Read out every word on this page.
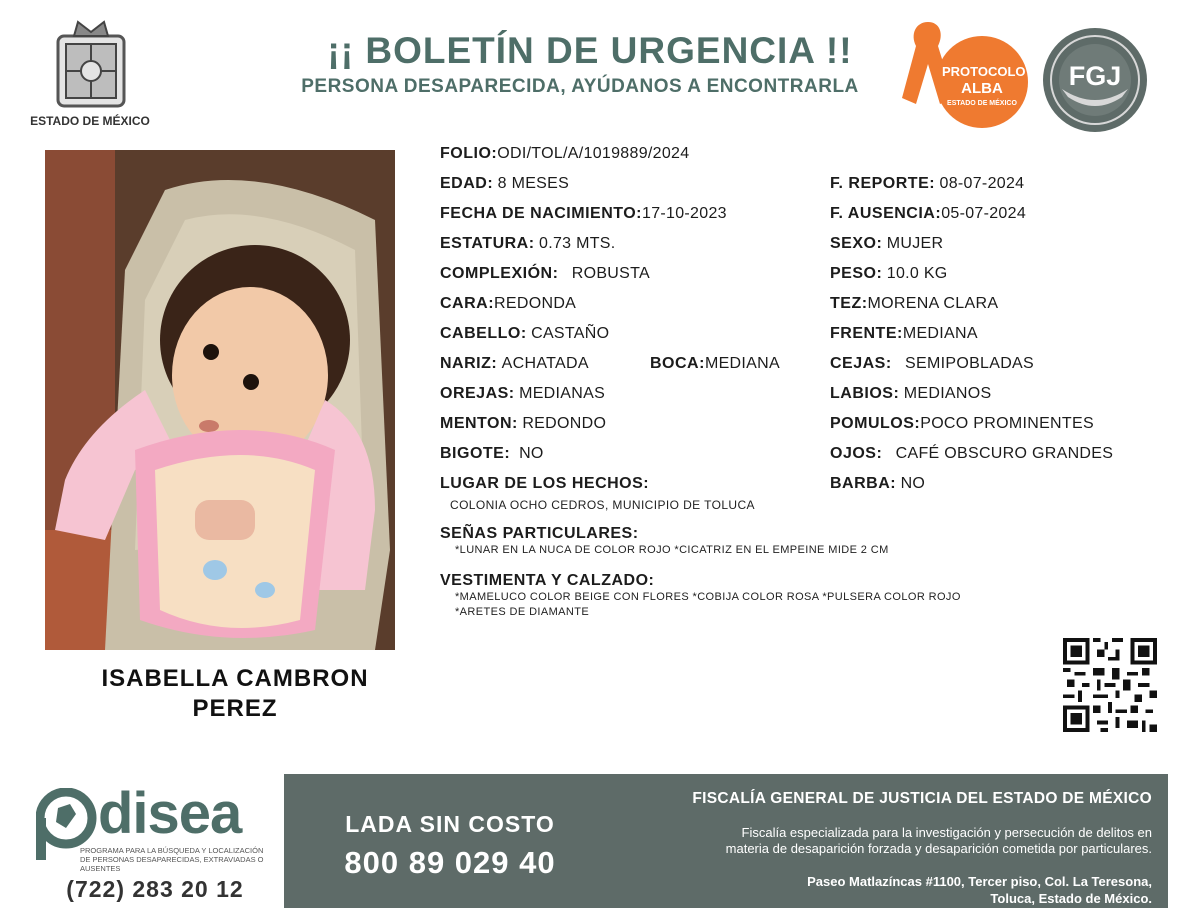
ESTADO DE MÉXICO
¡¡ BOLETÍN DE URGENCIA !!
PERSONA DESAPARECIDA, AYÚDANOS A ENCONTRARLA
PROTOCOLO
ALBA
ESTADO DE MÉXICO
FGJ
ISABELLA CAMBRON
PEREZ
FOLIO:ODI/TOL/A/1019889/2024
EDAD: 8 MESES
FECHA DE NACIMIENTO:17-10-2023
ESTATURA: 0.73 MTS.
COMPLEXIÓN: ROBUSTA
CARA:REDONDA
CABELLO: CASTAÑO
NARIZ: ACHATADA	BOCA:MEDIANA
OREJAS: MEDIANAS
MENTON: REDONDO
BIGOTE: NO
LUGAR DE LOS HECHOS:
COLONIA OCHO CEDROS, MUNICIPIO DE TOLUCA
F. REPORTE: 08-07-2024
F. AUSENCIA:05-07-2024
SEXO: MUJER
PESO: 10.0 KG
TEZ:MORENA CLARA
FRENTE:MEDIANA
CEJAS: SEMIPOBLADAS
LABIOS: MEDIANOS
POMULOS:POCO PROMINENTES
OJOS: CAFÉ OBSCURO GRANDES
BARBA: NO
SEÑAS PARTICULARES:
*LUNAR EN LA NUCA DE COLOR ROJO *CICATRIZ EN EL EMPEINE MIDE 2 CM
VESTIMENTA Y CALZADO:
*MAMELUCO COLOR BEIGE CON FLORES *COBIJA COLOR ROSA *PULSERA COLOR ROJO
*ARETES DE DIAMANTE
disea
PROGRAMA PARA LA BÚSQUEDA Y LOCALIZACIÓN DE PERSONAS DESAPARECIDAS, EXTRAVIADAS O AUSENTES
(722) 283 20 12
LADA SIN COSTO
800 89 029 40
FISCALÍA GENERAL DE JUSTICIA DEL ESTADO DE MÉXICO
Fiscalía especializada para la investigación y persecución de delitos en
materia de desaparición forzada y desaparición cometida por particulares.
Paseo Matlazíncas #1100, Tercer piso, Col. La Teresona,
Toluca, Estado de México.
